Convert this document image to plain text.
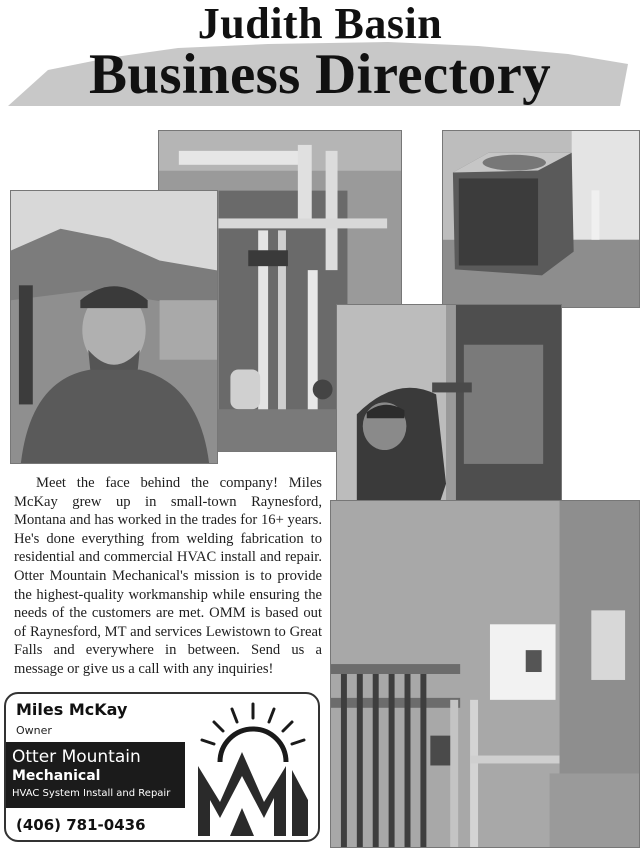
Judith Basin
Business Directory
Meet the face behind the company! Miles McKay grew up in small-town Raynesford, Montana and has worked in the trades for 16+ years. He's done everything from welding fabrication to residential and commercial HVAC install and repair. Otter Mountain Mechanical's mission is to provide the highest-quality workmanship while ensuring the needs of the customers are met. OMM is based out of Raynesford, MT and services Lewistown to Great Falls and everywhere in between. Send us a message or give us a call with any inquiries!
Miles McKay
Owner
Otter Mountain
Mechanical
HVAC System Install and Repair
(406) 781-0436
